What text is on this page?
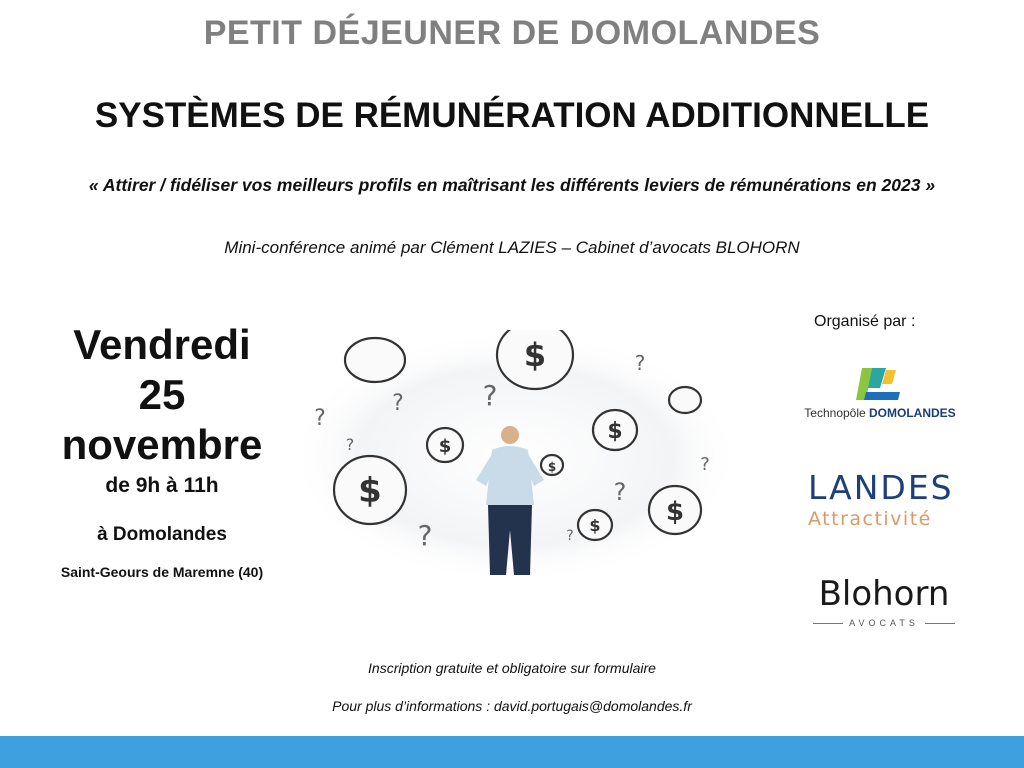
PETIT DÉJEUNER DE DOMOLANDES
SYSTÈMES DE RÉMUNÉRATION ADDITIONNELLE
« Attirer / fidéliser vos meilleurs profils en maîtrisant les différents leviers de rémunérations en 2023 »
Mini-conférence animé par Clément LAZIES – Cabinet d’avocats BLOHORN
Vendredi
25
novembre
de 9h à 11h
à Domolandes
Saint-Geours de Maremne (40)
$
$
$
$
$
$
$
?	?
?
?
?
?
?
?
?
Organisé par :
Technopôle DOMOLANDES
LANDES
Attractivité
Blohorn
AVOCATS
Inscription gratuite et obligatoire sur formulaire
Pour plus d’informations : david.portugais@domolandes.fr
